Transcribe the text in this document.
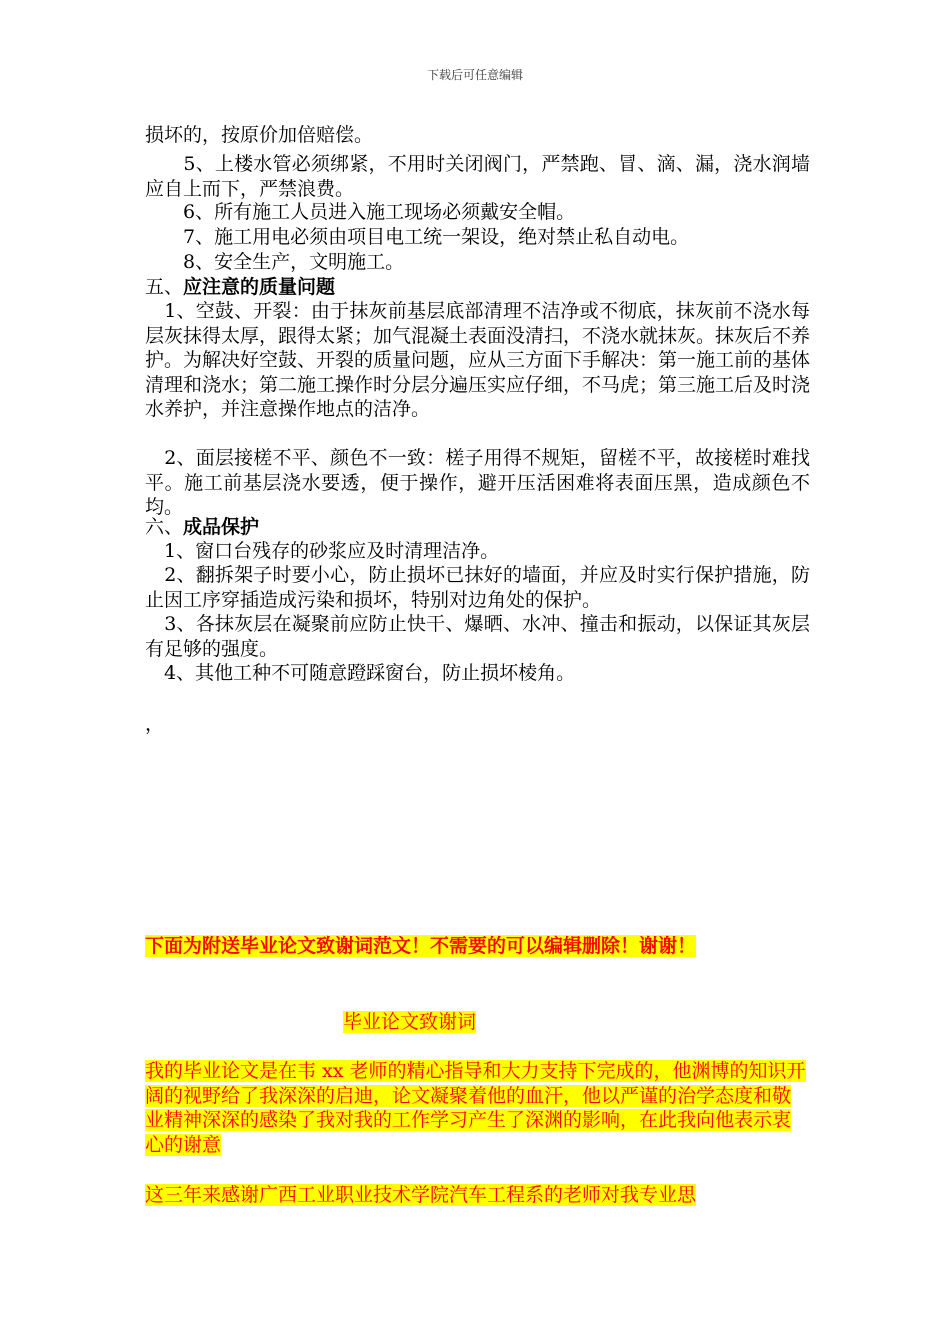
下载后可任意编辑

损坏的，按原价加倍赔偿。

　　5、上楼水管必须绑紧，不用时关闭阀门，严禁跑、冒、滴、漏，浇水润墙应自上而下，严禁浪费。

　　6、所有施工人员进入施工现场必须戴安全帽。

　　7、施工用电必须由项目电工统一架设，绝对禁止私自动电。

　　8、安全生产，文明施工。

五、应注意的质量问题

　1、空鼓、开裂：由于抹灰前基层底部清理不洁净或不彻底，抹灰前不浇水每层灰抹得太厚，跟得太紧；加气混凝土表面没清扫，不浇水就抹灰。抹灰后不养护。为解决好空鼓、开裂的质量问题，应从三方面下手解决：第一施工前的基体清理和浇水；第二施工操作时分层分遍压实应仔细，不马虎；第三施工后及时浇水养护，并注意操作地点的洁净。

　2、面层接槎不平、颜色不一致：槎子用得不规矩，留槎不平，故接槎时难找平。施工前基层浇水要透，便于操作，避开压活困难将表面压黑，造成颜色不均。

六、成品保护

　1、窗口台残存的砂浆应及时清理洁净。

　2、翻拆架子时要小心，防止损坏已抹好的墙面，并应及时实行保护措施，防止因工序穿插造成污染和损坏，特别对边角处的保护。

　3、各抹灰层在凝聚前应防止快干、爆晒、水冲、撞击和振动，以保证其灰层有足够的强度。

　4、其他工种不可随意蹬踩窗台，防止损坏棱角。

，

下面为附送毕业论文致谢词范文！不需要的可以编辑删除！谢谢！

毕业论文致谢词

我的毕业论文是在韦 xx 老师的精心指导和大力支持下完成的，他渊博的知识开阔的视野给了我深深的启迪，论文凝聚着他的血汗，他以严谨的治学态度和敬业精神深深的感染了我对我的工作学习产生了深渊的影响，在此我向他表示衷心的谢意

这三年来感谢广西工业职业技术学院汽车工程系的老师对我专业思
